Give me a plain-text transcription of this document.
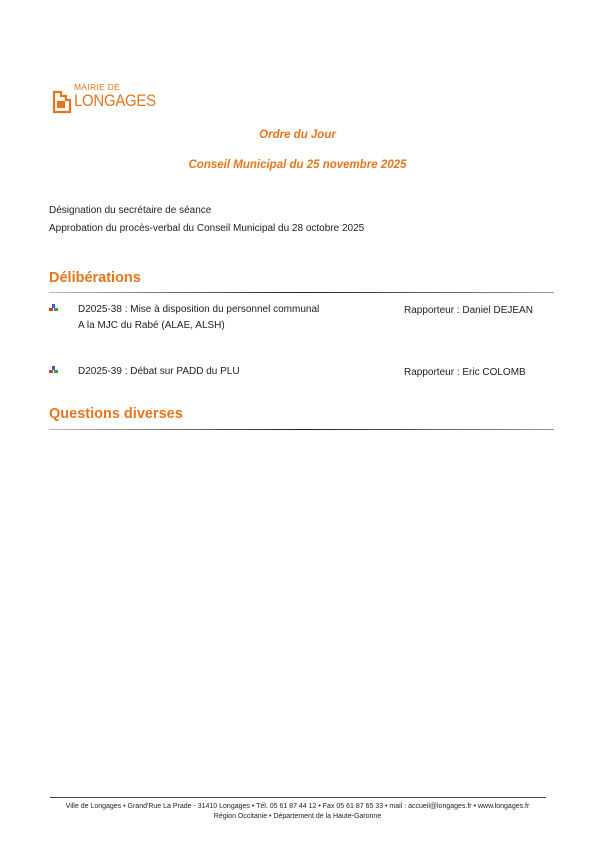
MAIRIE DE
LONGAGES
Ordre du Jour
Conseil Municipal du 25 novembre 2025
Désignation du secrétaire de séance
Approbation du procès-verbal du Conseil Municipal du 28 octobre 2025
Délibérations
D2025-38 : Mise à disposition du personnel communal
A la MJC du Rabé (ALAE, ALSH)
Rapporteur : Daniel DEJEAN
D2025-39 : Débat sur PADD du PLU	Rapporteur : Eric COLOMB
Questions diverses
Ville de Longages • Grand'Rue La Prade - 31410 Longages • Tél. 05 61 87 44 12 • Fax 05 61 87 65 33 • mail : accueil@longages.fr • www.longages.fr
Région Occitanie • Département de la Haute-Garonne
